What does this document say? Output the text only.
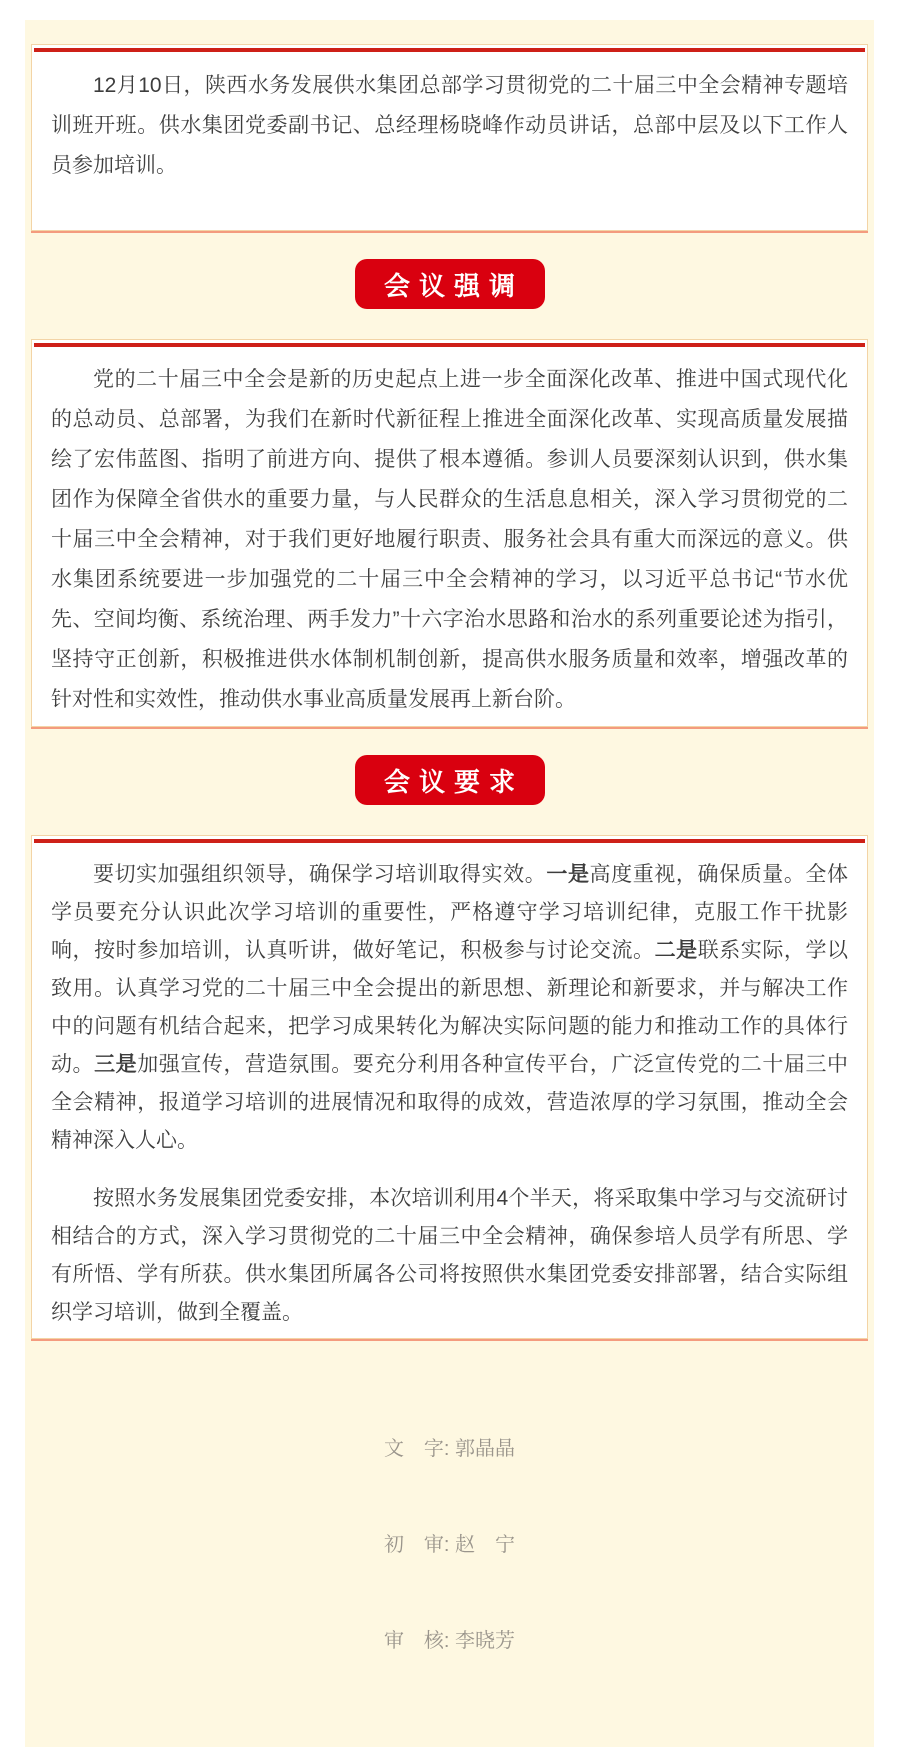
12月10日，陕西水务发展供水集团总部学习贯彻党的二十届三中全会精神专题培训班开班。供水集团党委副书记、总经理杨晓峰作动员讲话，总部中层及以下工作人员参加培训。

会议强调

党的二十届三中全会是新的历史起点上进一步全面深化改革、推进中国式现代化的总动员、总部署，为我们在新时代新征程上推进全面深化改革、实现高质量发展描绘了宏伟蓝图、指明了前进方向、提供了根本遵循。参训人员要深刻认识到，供水集团作为保障全省供水的重要力量，与人民群众的生活息息相关，深入学习贯彻党的二十届三中全会精神，对于我们更好地履行职责、服务社会具有重大而深远的意义。供水集团系统要进一步加强党的二十届三中全会精神的学习，以习近平总书记“节水优先、空间均衡、系统治理、两手发力”十六字治水思路和治水的系列重要论述为指引，坚持守正创新，积极推进供水体制机制创新，提高供水服务质量和效率，增强改革的针对性和实效性，推动供水事业高质量发展再上新台阶。

会议要求

要切实加强组织领导，确保学习培训取得实效。一是高度重视，确保质量。全体学员要充分认识此次学习培训的重要性，严格遵守学习培训纪律，克服工作干扰影响，按时参加培训，认真听讲，做好笔记，积极参与讨论交流。二是联系实际，学以致用。认真学习党的二十届三中全会提出的新思想、新理论和新要求，并与解决工作中的问题有机结合起来，把学习成果转化为解决实际问题的能力和推动工作的具体行动。三是加强宣传，营造氛围。要充分利用各种宣传平台，广泛宣传党的二十届三中全会精神，报道学习培训的进展情况和取得的成效，营造浓厚的学习氛围，推动全会精神深入人心。

按照水务发展集团党委安排，本次培训利用4个半天，将采取集中学习与交流研讨相结合的方式，深入学习贯彻党的二十届三中全会精神，确保参培人员学有所思、学有所悟、学有所获。供水集团所属各公司将按照供水集团党委安排部署，结合实际组织学习培训，做到全覆盖。

文　字: 郭晶晶

初　审: 赵　宁

审　核: 李晓芳
